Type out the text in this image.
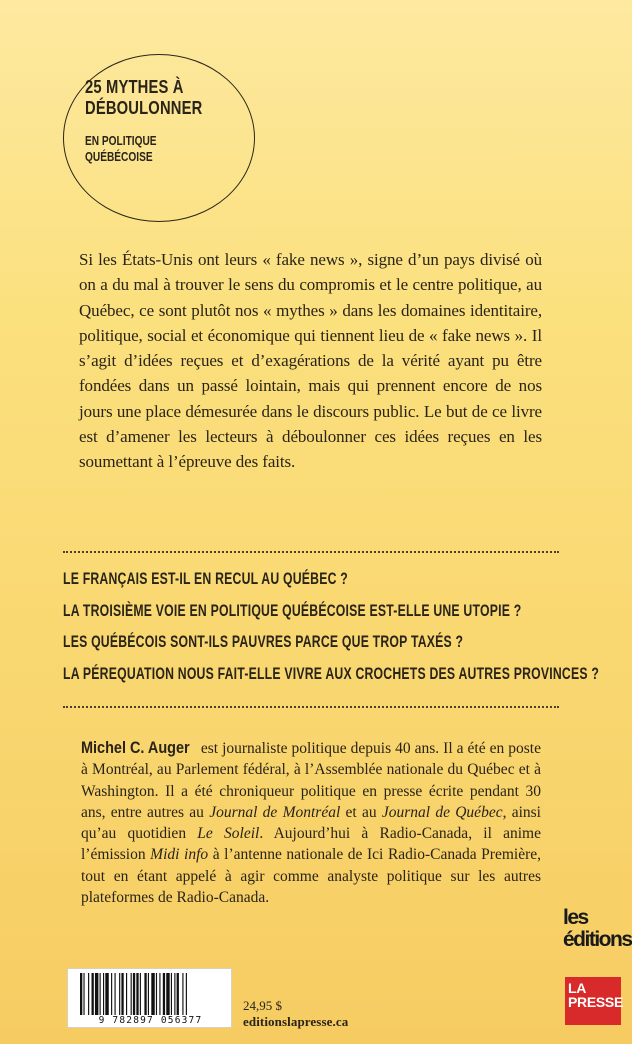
25 MYTHES À
DÉBOULONNER

EN POLITIQUE
QUÉBÉCOISE

Si les États-Unis ont leurs « fake news », signe d’un pays divisé où on a du mal à trouver le sens du compromis et le centre politique, au Québec, ce sont plutôt nos « mythes » dans les domaines identitaire, politique, social et économique qui tiennent lieu de « fake news ». Il s’agit d’idées reçues et d’exagérations de la vérité ayant pu être fondées dans un passé lointain, mais qui prennent encore de nos jours une place démesurée dans le discours public. Le but de ce livre est d’amener les lecteurs à déboulonner ces idées reçues en les soumettant à l’épreuve des faits.

LE FRANÇAIS EST-IL EN RECUL AU QUÉBEC ?
LA TROISIÈME VOIE EN POLITIQUE QUÉBÉCOISE EST-ELLE UNE UTOPIE ?
LES QUÉBÉCOIS SONT-ILS PAUVRES PARCE QUE TROP TAXÉS ?
LA PÉREQUATION NOUS FAIT-ELLE VIVRE AUX CROCHETS DES AUTRES PROVINCES ?

Michel C. Auger est journaliste politique depuis 40 ans. Il a été en poste à Montréal, au Parlement fédéral, à l’Assemblée nationale du Québec et à Washington. Il a été chroniqueur politique en presse écrite pendant 30 ans, entre autres au Journal de Montréal et au Journal de Québec, ainsi qu’au quotidien Le Soleil. Aujourd’hui à Radio-Canada, il anime l’émission Midi info à l’antenne nationale de Ici Radio-Canada Première, tout en étant appelé à agir comme analyste politique sur les autres plateformes de Radio-Canada.

9 782897 056377

24,95 $

editionslapresse.ca

les
éditions

LA PRESSE
